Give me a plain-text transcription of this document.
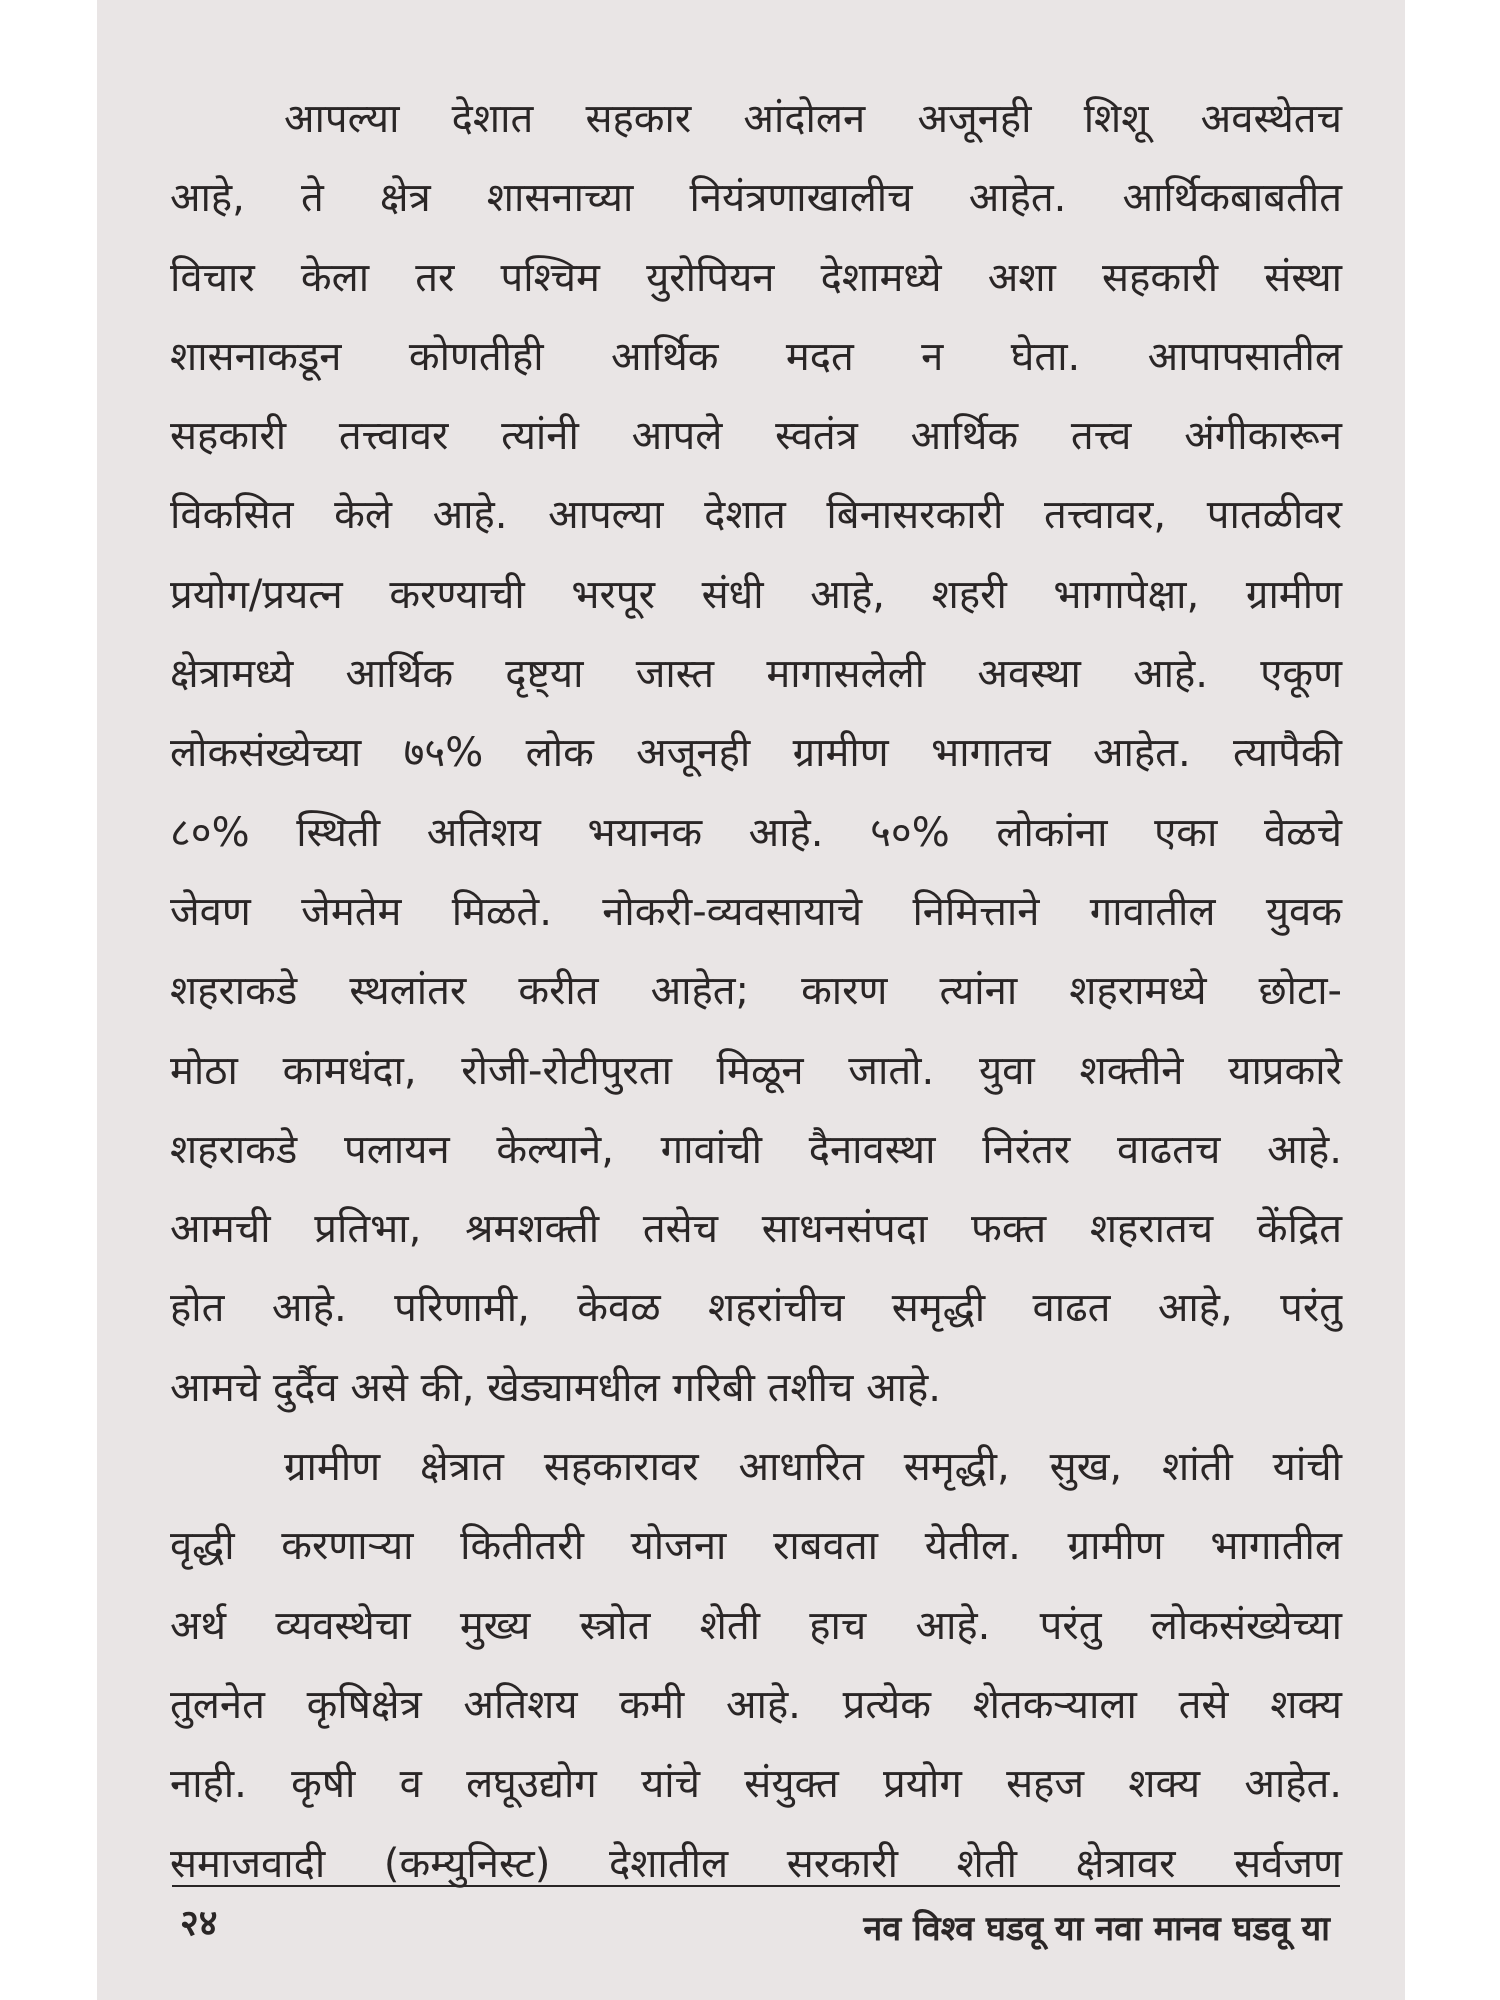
आपल्या देशात सहकार आंदोलन अजूनही शिशू अवस्थेतच
आहे, ते क्षेत्र शासनाच्या नियंत्रणाखालीच आहेत. आर्थिकबाबतीत
विचार केला तर पश्चिम युरोपियन देशामध्ये अशा सहकारी संस्था
शासनाकडून कोणतीही आर्थिक मदत न घेता. आपापसातील
सहकारी तत्त्वावर त्यांनी आपले स्वतंत्र आर्थिक तत्त्व अंगीकारून
विकसित केले आहे. आपल्या देशात बिनासरकारी तत्त्वावर, पातळीवर
प्रयोग/प्रयत्न करण्याची भरपूर संधी आहे, शहरी भागापेक्षा, ग्रामीण
क्षेत्रामध्ये आर्थिक दृष्ट्या जास्त मागासलेली अवस्था आहे. एकूण
लोकसंख्येच्या ७५% लोक अजूनही ग्रामीण भागातच आहेत. त्यापैकी
८०% स्थिती अतिशय भयानक आहे. ५०% लोकांना एका वेळचे
जेवण जेमतेम मिळते. नोकरी-व्यवसायाचे निमित्ताने गावातील युवक
शहराकडे स्थलांतर करीत आहेत; कारण त्यांना शहरामध्ये छोटा-
मोठा कामधंदा, रोजी-रोटीपुरता मिळून जातो. युवा शक्तीने याप्रकारे
शहराकडे पलायन केल्याने, गावांची दैनावस्था निरंतर वाढतच आहे.
आमची प्रतिभा, श्रमशक्ती तसेच साधनसंपदा फक्त शहरातच केंद्रित
होत आहे. परिणामी, केवळ शहरांचीच समृद्धी वाढत आहे, परंतु
आमचे दुर्दैव असे की, खेड्यामधील गरिबी तशीच आहे.
ग्रामीण क्षेत्रात सहकारावर आधारित समृद्धी, सुख, शांती यांची
वृद्धी करणाऱ्या कितीतरी योजना राबवता येतील. ग्रामीण भागातील
अर्थ व्यवस्थेचा मुख्य स्त्रोत शेती हाच आहे. परंतु लोकसंख्येच्या
तुलनेत कृषिक्षेत्र अतिशय कमी आहे. प्रत्येक शेतकऱ्याला तसे शक्य
नाही. कृषी व लघूउद्योग यांचे संयुक्त प्रयोग सहज शक्य आहेत.
समाजवादी (कम्युनिस्ट) देशातील सरकारी शेती क्षेत्रावर सर्वजण
२४	नव विश्व घडवू या नवा मानव घडवू या
